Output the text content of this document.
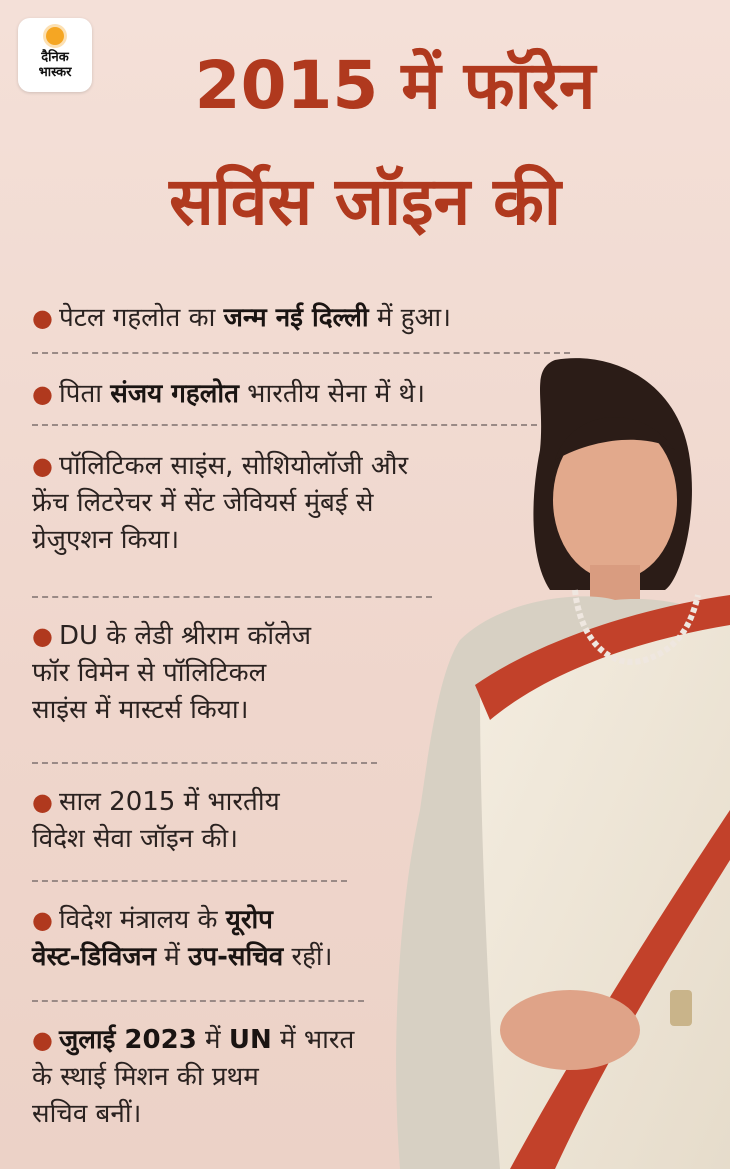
दैनिक
भास्कर	2015 में फॉरेन
सर्विस जॉइन की
● पेटल गहलोत का जन्म नई दिल्ली में हुआ।
● पिता संजय गहलोत भारतीय सेना में थे।
● पॉलिटिकल साइंस, सोशियोलॉजी और
फ्रेंच लिटरेचर में सेंट जेवियर्स मुंबई से
ग्रेजुएशन किया।
● DU के लेडी श्रीराम कॉलेज
फॉर विमेन से पॉलिटिकल
साइंस में मास्टर्स किया।
● साल 2015 में भारतीय
विदेश सेवा जॉइन की।
● विदेश मंत्रालय के यूरोप
वेस्ट-डिविजन में उप-सचिव रहीं।
● जुलाई 2023 में UN में भारत
के स्थाई मिशन की प्रथम
सचिव बनीं।
